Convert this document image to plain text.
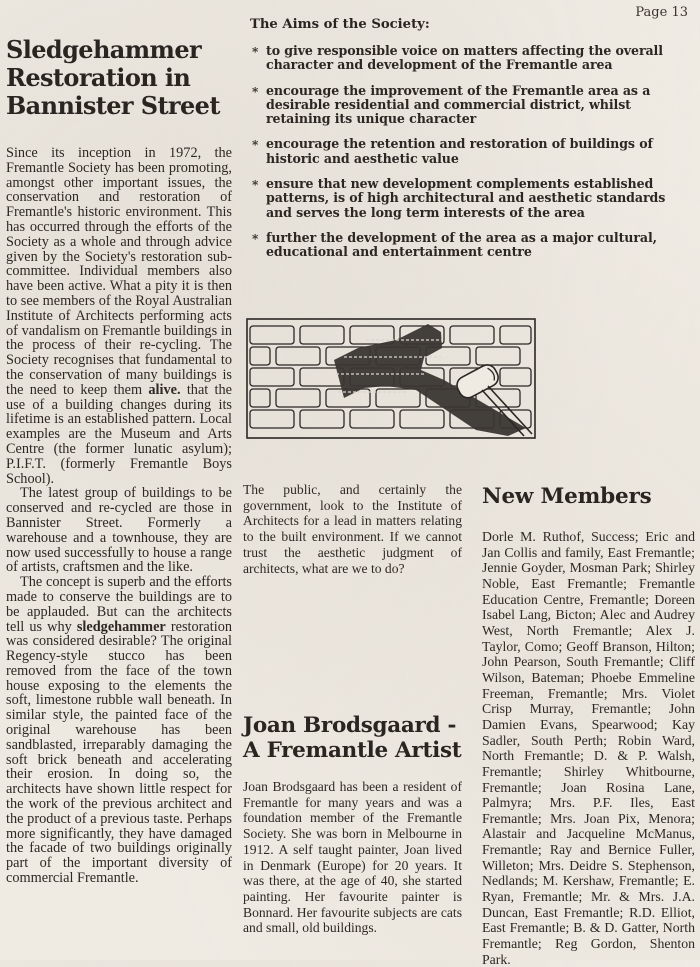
Page 13
Sledgehammer Restoration in Bannister Street

Since its inception in 1972, the Fremantle Society has been promoting, amongst other important issues, the conservation and restoration of Fremantle's historic environment. This has occurred through the efforts of the Society as a whole and through advice given by the Society's restoration sub-committee. Individual members also have been active. What a pity it is then to see members of the Royal Australian Institute of Architects performing acts of vandalism on Fremantle buildings in the process of their re-cycling. The Society recognises that fundamental to the conservation of many buildings is the need to keep them alive. that the use of a building changes during its lifetime is an established pattern. Local examples are the Museum and Arts Centre (the former lunatic asylum); P.I.F.T. (formerly Fremantle Boys School).

The latest group of buildings to be conserved and re-cycled are those in Bannister Street. Formerly a warehouse and a townhouse, they are now used successfully to house a range of artists, craftsmen and the like.

The concept is superb and the efforts made to conserve the buildings are to be applauded. But can the architects tell us why sledgehammer restoration was considered desirable? The original Regency-style stucco has been removed from the face of the town house exposing to the elements the soft, limestone rubble wall beneath. In similar style, the painted face of the original warehouse has been sandblasted, irreparably damaging the soft brick beneath and accelerating their erosion. In doing so, the architects have shown little respect for the work of the previous architect and the product of a previous taste. Perhaps more significantly, they have damaged the facade of two buildings originally part of the important diversity of commercial Fremantle.

The Aims of the Society:
* to give responsible voice on matters affecting the overall character and development of the Fremantle area
* encourage the improvement of the Fremantle area as a desirable residential and commercial district, whilst retaining its unique character
* encourage the retention and restoration of buildings of historic and aesthetic value
* ensure that new development complements established patterns, is of high architectural and aesthetic standards and serves the long term interests of the area
* further the development of the area as a major cultural, educational and entertainment centre
The public, and certainly the government, look to the Institute of Architects for a lead in matters relating to the built environment. If we cannot trust the aesthetic judgment of architects, what are we to do?
Joan Brodsgaard - A Fremantle Artist
Joan Brodsgaard has been a resident of Fremantle for many years and was a foundation member of the Fremantle Society. She was born in Melbourne in 1912. A self taught painter, Joan lived in Denmark (Europe) for 20 years. It was there, at the age of 40, she started painting. Her favourite painter is Bonnard. Her favourite subjects are cats and small, old buildings.
New Members
Dorle M. Ruthof, Success; Eric and Jan Collis and family, East Fremantle; Jennie Goyder, Mosman Park; Shirley Noble, East Fremantle; Fremantle Education Centre, Fremantle; Doreen Isabel Lang, Bicton; Alec and Audrey West, North Fremantle; Alex J. Taylor, Como; Geoff Branson, Hilton; John Pearson, South Fremantle; Cliff Wilson, Bateman; Phoebe Emmeline Freeman, Fremantle; Mrs. Violet Crisp Murray, Fremantle; John Damien Evans, Spearwood; Kay Sadler, South Perth; Robin Ward, North Fremantle; D. & P. Walsh, Fremantle; Shirley Whitbourne, Fremantle; Joan Rosina Lane, Palmyra; Mrs. P.F. Iles, East Fremantle; Mrs. Joan Pix, Menora; Alastair and Jacqueline McManus, Fremantle; Ray and Bernice Fuller, Willeton; Mrs. Deidre S. Stephenson, Nedlands; M. Kershaw, Fremantle; E. Ryan, Fremantle; Mr. & Mrs. J.A. Duncan, East Fremantle; R.D. Elliot, East Fremantle; B. & D. Gatter, North Fremantle; Reg Gordon, Shenton Park.
